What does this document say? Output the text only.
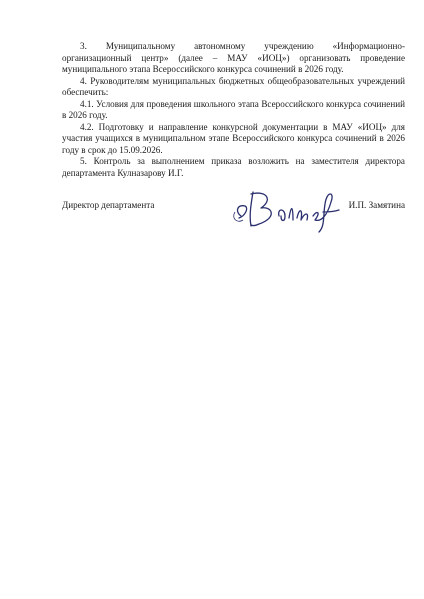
3. Муниципальному автономному учреждению «Информационно-организационный центр» (далее – МАУ «ИОЦ») организовать проведение муниципального этапа Всероссийского конкурса сочинений в 2026 году.

4. Руководителям муниципальных бюджетных общеобразовательных учреждений обеспечить:

4.1. Условия для проведения школьного этапа Всероссийского конкурса сочинений в 2026 году.

4.2. Подготовку и направление конкурсной документации в МАУ «ИОЦ» для участия учащихся в муниципальном этапе Всероссийского конкурса сочинений в 2026 году в срок до 15.09.2026.

5. Контроль за выполнением приказа возложить на заместителя директора департамента Кулназарову И.Г.

Директор департамента	И.П. Замятина
